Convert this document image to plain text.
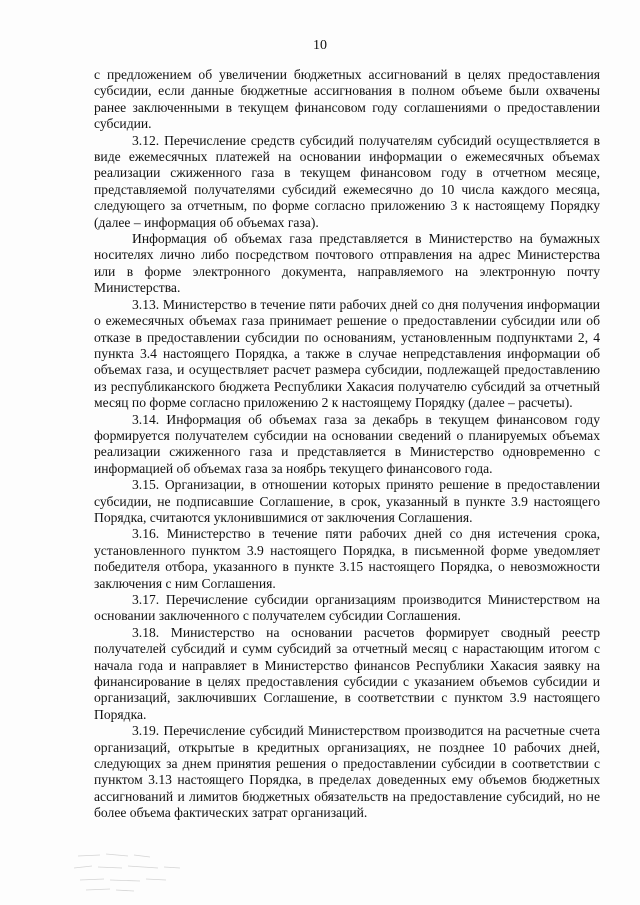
10

с предложением об увеличении бюджетных ассигнований в целях предоставления субсидии, если данные бюджетные ассигнования в полном объеме были охвачены ранее заключенными в текущем финансовом году соглашениями о предоставлении субсидии.

3.12. Перечисление средств субсидий получателям субсидий осуществляется в виде ежемесячных платежей на основании информации о ежемесячных объемах реализации сжиженного газа в текущем финансовом году в отчетном месяце, представляемой получателями субсидий ежемесячно до 10 числа каждого месяца, следующего за отчетным, по форме согласно приложению 3 к настоящему Порядку (далее – информация об объемах газа).

Информация об объемах газа представляется в Министерство на бумажных носителях лично либо посредством почтового отправления на адрес Министерства или в форме электронного документа, направляемого на электронную почту Министерства.

3.13. Министерство в течение пяти рабочих дней со дня получения информации о ежемесячных объемах газа принимает решение о предоставлении субсидии или об отказе в предоставлении субсидии по основаниям, установленным подпунктами 2, 4 пункта 3.4 настоящего Порядка, а также в случае непредставления информации об объемах газа, и осуществляет расчет размера субсидии, подлежащей предоставлению из республиканского бюджета Республики Хакасия получателю субсидий за отчетный месяц по форме согласно приложению 2 к настоящему Порядку (далее – расчеты).

3.14. Информация об объемах газа за декабрь в текущем финансовом году формируется получателем субсидии на основании сведений о планируемых объемах реализации сжиженного газа и представляется в Министерство одновременно с информацией об объемах газа за ноябрь текущего финансового года.

3.15. Организации, в отношении которых принято решение в предоставлении субсидии, не подписавшие Соглашение, в срок, указанный в пункте 3.9 настоящего Порядка, считаются уклонившимися от заключения Соглашения.

3.16. Министерство в течение пяти рабочих дней со дня истечения срока, установленного пунктом 3.9 настоящего Порядка, в письменной форме уведомляет победителя отбора, указанного в пункте 3.15 настоящего Порядка, о невозможности заключения с ним Соглашения.

3.17. Перечисление субсидии организациям производится Министерством на основании заключенного с получателем субсидии Соглашения.

3.18. Министерство на основании расчетов формирует сводный реестр получателей субсидий и сумм субсидий за отчетный месяц с нарастающим итогом с начала года и направляет в Министерство финансов Республики Хакасия заявку на финансирование в целях предоставления субсидии с указанием объемов субсидии и организаций, заключивших Соглашение, в соответствии с пунктом 3.9 настоящего Порядка.

3.19. Перечисление субсидий Министерством производится на расчетные счета организаций, открытые в кредитных организациях, не позднее 10 рабочих дней, следующих за днем принятия решения о предоставлении субсидии в соответствии с пунктом 3.13 настоящего Порядка, в пределах доведенных ему объемов бюджетных ассигнований и лимитов бюджетных обязательств на предоставление субсидий, но не более объема фактических затрат организаций.
